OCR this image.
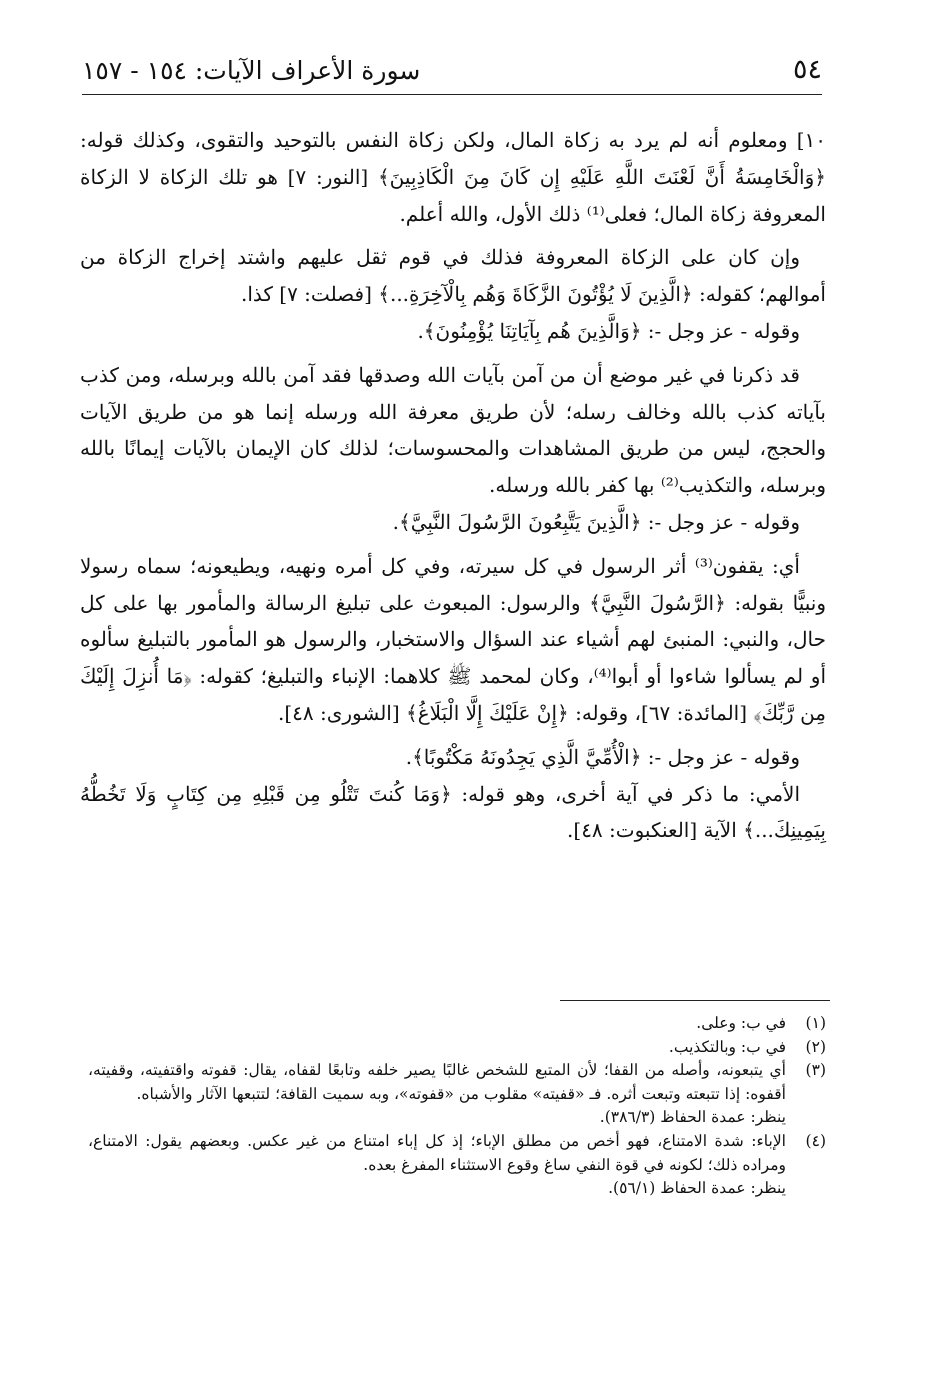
٥٤
سورة الأعراف الآيات: ١٥٤ - ١٥٧

١٠] ومعلوم أنه لم يرد به زكاة المال، ولكن زكاة النفس بالتوحيد والتقوى، وكذلك قوله: ﴿وَالْخَامِسَةُ أَنَّ لَعْنَتَ اللَّهِ عَلَيْهِ إِن كَانَ مِنَ الْكَاذِبِينَ﴾ [النور: ٧] هو تلك الزكاة لا الزكاة المعروفة زكاة المال؛ فعلى⁽¹⁾ ذلك الأول، والله أعلم.

وإن كان على الزكاة المعروفة فذلك في قوم ثقل عليهم واشتد إخراج الزكاة من أموالهم؛ كقوله: ﴿الَّذِينَ لَا يُؤْتُونَ الزَّكَاةَ وَهُم بِالْآخِرَةِ...﴾ [فصلت: ٧] كذا.

وقوله - عز وجل -: ﴿وَالَّذِينَ هُم بِآيَاتِنَا يُؤْمِنُونَ﴾.

قد ذكرنا في غير موضع أن من آمن بآيات الله وصدقها فقد آمن بالله وبرسله، ومن كذب بآياته كذب بالله وخالف رسله؛ لأن طريق معرفة الله ورسله إنما هو من طريق الآيات والحجج، ليس من طريق المشاهدات والمحسوسات؛ لذلك كان الإيمان بالآيات إيمانًا بالله وبرسله، والتكذيب⁽²⁾ بها كفر بالله ورسله.

وقوله - عز وجل -: ﴿الَّذِينَ يَتَّبِعُونَ الرَّسُولَ النَّبِيَّ﴾.

أي: يقفون⁽³⁾ أثر الرسول في كل سيرته، وفي كل أمره ونهيه، ويطيعونه؛ سماه رسولا ونبيًّا بقوله: ﴿الرَّسُولَ النَّبِيَّ﴾ والرسول: المبعوث على تبليغ الرسالة والمأمور بها على كل حال، والنبي: المنبئ لهم أشياء عند السؤال والاستخبار، والرسول هو المأمور بالتبليغ سألوه أو لم يسألوا شاءوا أو أبوا⁽⁴⁾، وكان لمحمد ﷺ كلاهما: الإنباء والتبليغ؛ كقوله: ﴿مَا أُنزِلَ إِلَيْكَ مِن رَّبِّكَ﴾ [المائدة: ٦٧]، وقوله: ﴿إِنْ عَلَيْكَ إِلَّا الْبَلَاغُ﴾ [الشورى: ٤٨].

وقوله - عز وجل -: ﴿الْأُمِّيَّ الَّذِي يَجِدُونَهُ مَكْتُوبًا﴾.

الأمي: ما ذكر في آية أخرى، وهو قوله: ﴿وَمَا كُنتَ تَتْلُو مِن قَبْلِهِ مِن كِتَابٍ وَلَا تَخُطُّهُ بِيَمِينِكَ...﴾ الآية [العنكبوت: ٤٨].

(١)
في ب: وعلى.
(٢)
في ب: وبالتكذيب.
(٣)
أي يتبعونه، وأصله من القفا؛ لأن المتبع للشخص غالبًا يصير خلفه وتابعًا لقفاه، يقال: قفوته واقتفيته، وقفيته، أقفوه: إذا تتبعته وتبعت أثره. فـ «قفيته» مقلوب من «قفوته»، وبه سميت القافة؛ لتتبعها الآثار والأشباه.
ينظر: عمدة الحفاظ (٣٨٦/٣).
(٤)
الإباء: شدة الامتناع، فهو أخص من مطلق الإباء؛ إذ كل إباء امتناع من غير عكس. وبعضهم يقول: الامتناع، ومراده ذلك؛ لكونه في قوة النفي ساغ وقوع الاستثناء المفرغ بعده.
ينظر: عمدة الحفاظ (٥٦/١).
